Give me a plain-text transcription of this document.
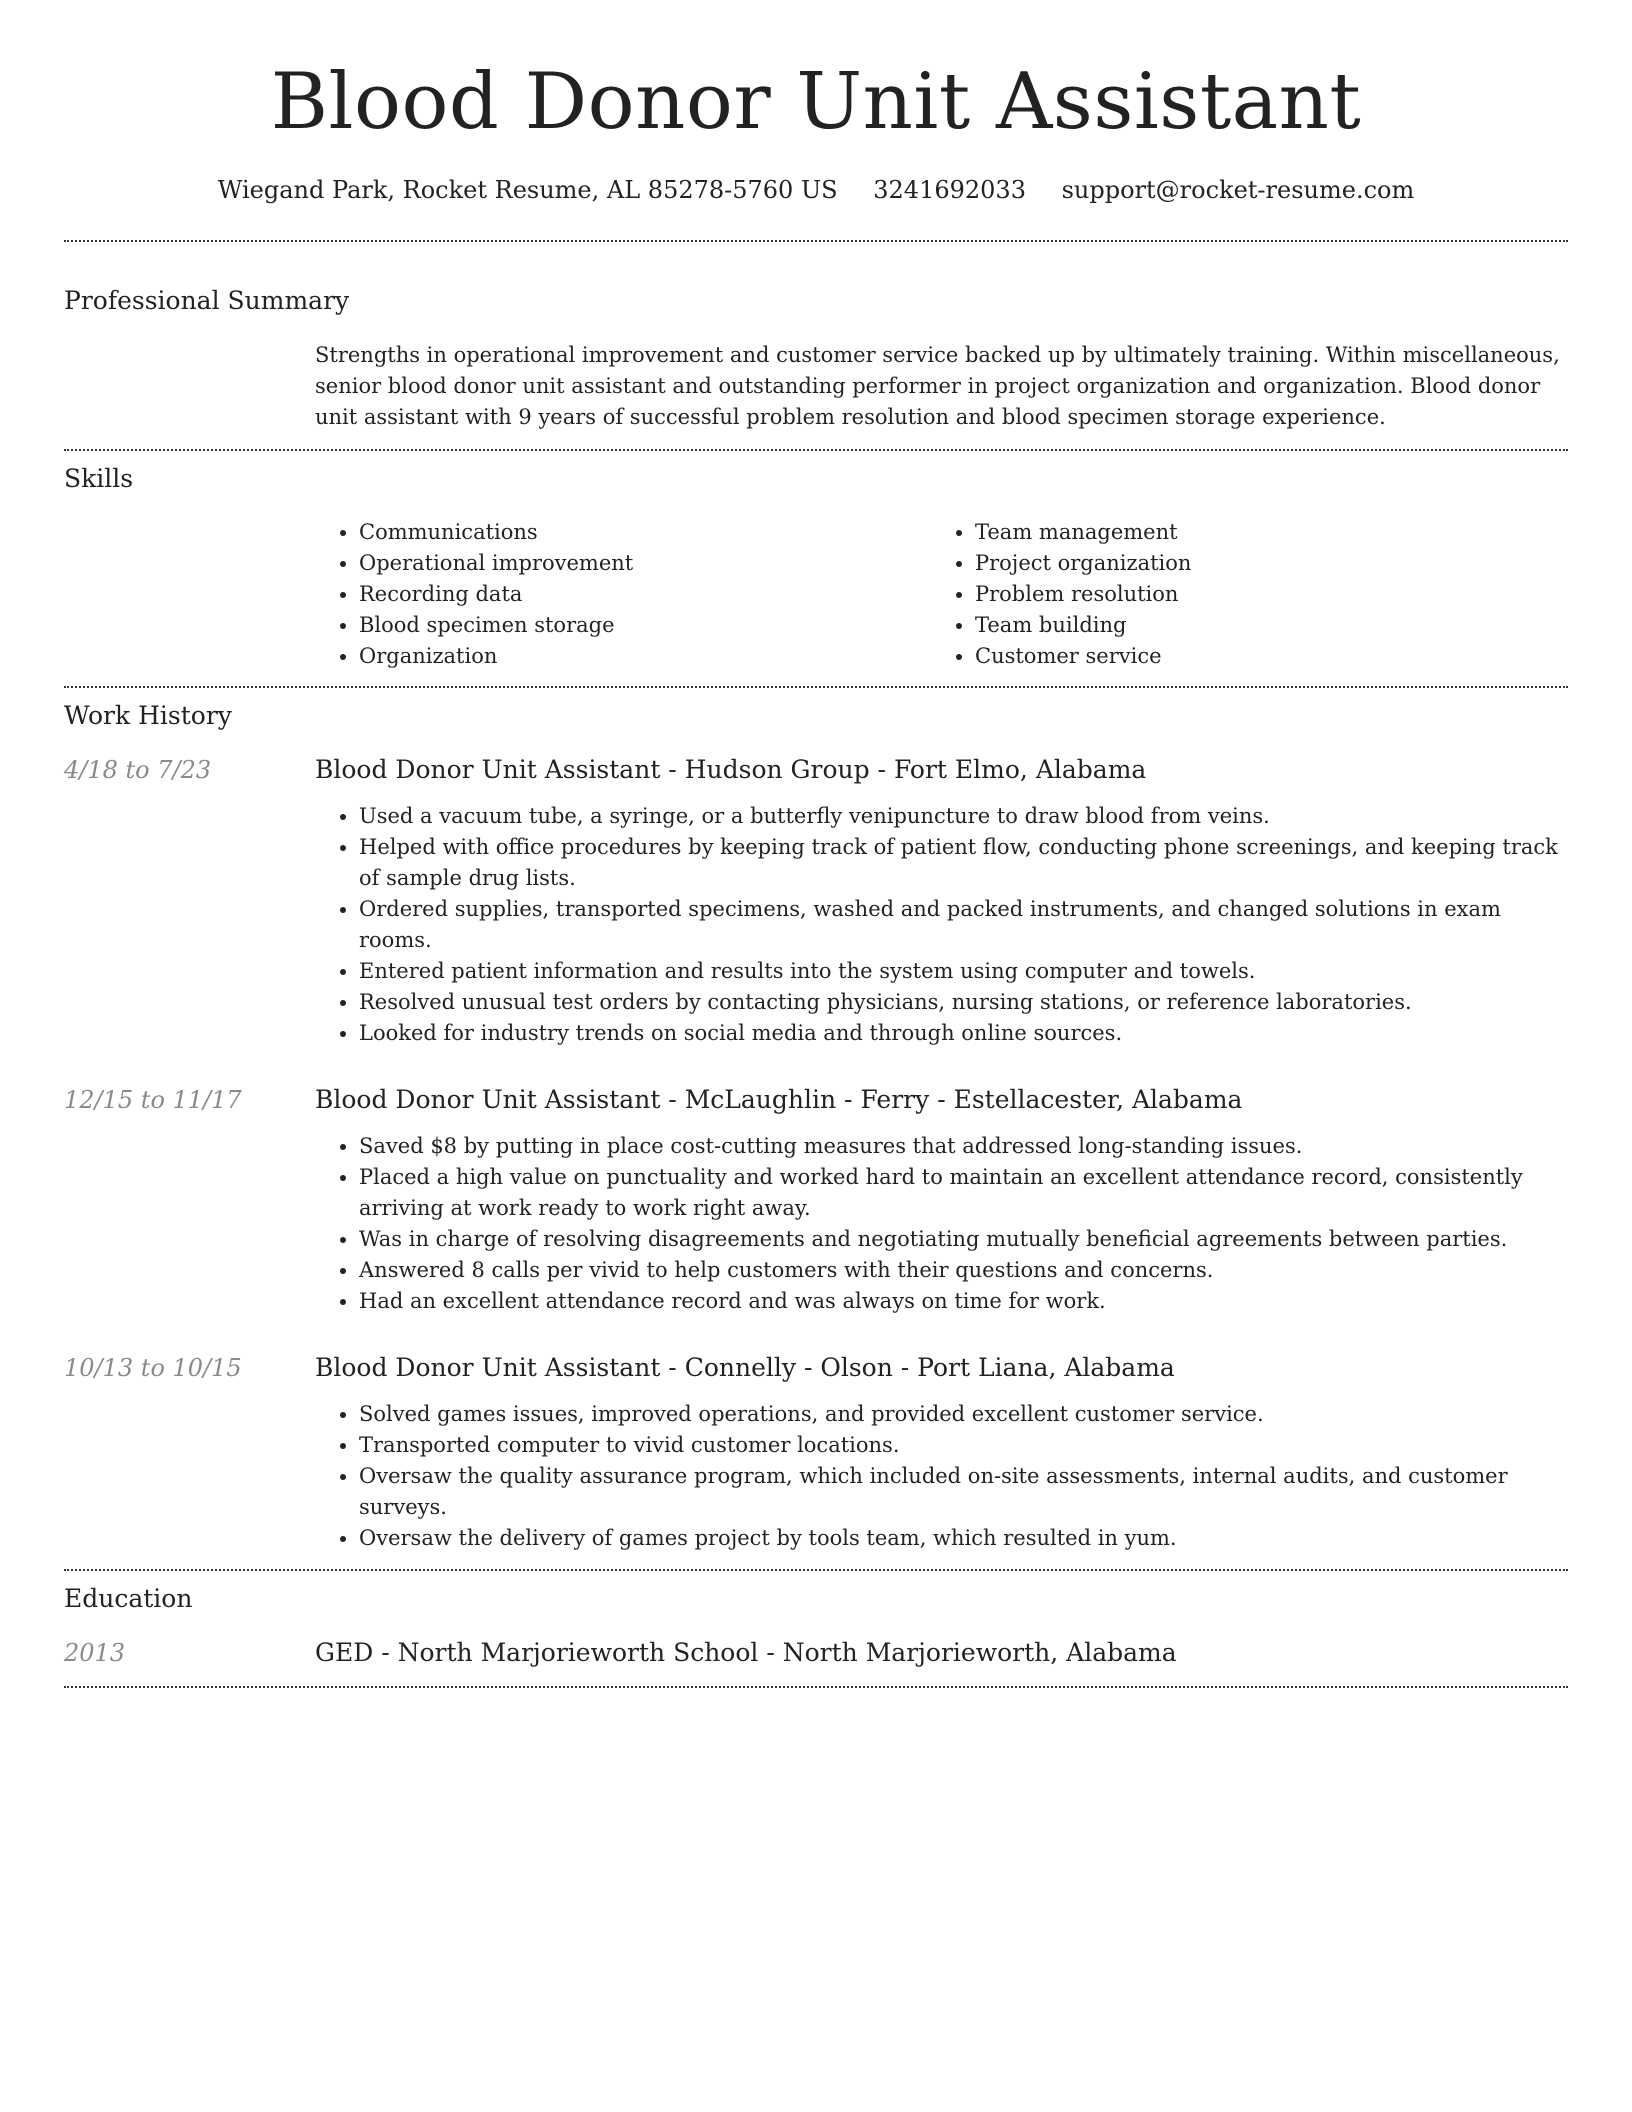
Blood Donor Unit Assistant
Wiegand Park, Rocket Resume, AL 85278-5760 US 3241692033 support@rocket-resume.com
Professional Summary
Strengths in operational improvement and customer service backed up by ultimately training. Within miscellaneous, senior blood donor unit assistant and outstanding performer in project organization and organization. Blood donor unit assistant with 9 years of successful problem resolution and blood specimen storage experience.
Skills
• Communications
• Operational improvement
• Recording data
• Blood specimen storage
• Organization
• Team management
• Project organization
• Problem resolution
• Team building
• Customer service
Work History
4/18 to 7/23	Blood Donor Unit Assistant - Hudson Group - Fort Elmo, Alabama
• Used a vacuum tube, a syringe, or a butterfly venipuncture to draw blood from veins.
• Helped with office procedures by keeping track of patient flow, conducting phone screenings, and keeping track of sample drug lists.
• Ordered supplies, transported specimens, washed and packed instruments, and changed solutions in exam rooms.
• Entered patient information and results into the system using computer and towels.
• Resolved unusual test orders by contacting physicians, nursing stations, or reference laboratories.
• Looked for industry trends on social media and through online sources.
12/15 to 11/17	Blood Donor Unit Assistant - McLaughlin - Ferry - Estellacester, Alabama
• Saved $8 by putting in place cost-cutting measures that addressed long-standing issues.
• Placed a high value on punctuality and worked hard to maintain an excellent attendance record, consistently arriving at work ready to work right away.
• Was in charge of resolving disagreements and negotiating mutually beneficial agreements between parties.
• Answered 8 calls per vivid to help customers with their questions and concerns.
• Had an excellent attendance record and was always on time for work.
10/13 to 10/15	Blood Donor Unit Assistant - Connelly - Olson - Port Liana, Alabama
• Solved games issues, improved operations, and provided excellent customer service.
• Transported computer to vivid customer locations.
• Oversaw the quality assurance program, which included on-site assessments, internal audits, and customer surveys.
• Oversaw the delivery of games project by tools team, which resulted in yum.
Education
2013	GED - North Marjorieworth School - North Marjorieworth, Alabama
